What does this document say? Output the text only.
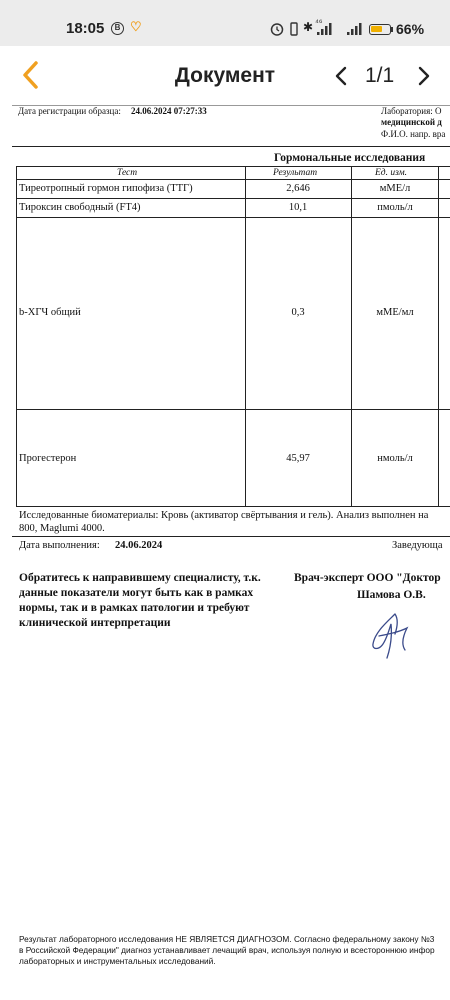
18:05	B ♡	✱ ⁴⁶	66%
Документ	1/1
Дата регистрации образца: 24.06.2024 07:27:33	Лаборатория: О
медицинской д
Ф.И.О. напр. вра
Гормональные исследования
Тест	Результат	Ед. изм.
Тиреотропный гормон гипофиза (ТТГ)	2,646	мМЕ/л
Тироксин свободный (FT4)	10,1	пмоль/л
b-ХГЧ общий	0,3	мМЕ/мл
Прогестерон	45,97	нмоль/л
Исследованные биоматериалы: Кровь (активатор свёртывания и гель). Анализ выполнен на
800, Maglumi 4000.
Дата выполнения: 24.06.2024	Заведующа
Обратитесь к направившему специалисту, т.к.
данные показатели могут быть как в рамках
нормы, так и в рамках патологии и требуют
клинической интерпретации
Врач-эксперт ООО "Доктор
Шамова О.В.
Результат лабораторного исследования НЕ ЯВЛЯЕТСЯ ДИАГНОЗОМ. Согласно федеральному закону №3
в Российской Федерации" диагноз устанавливает лечащий врач, используя полную и всестороннюю инфор
лабораторных и инструментальных исследований.
